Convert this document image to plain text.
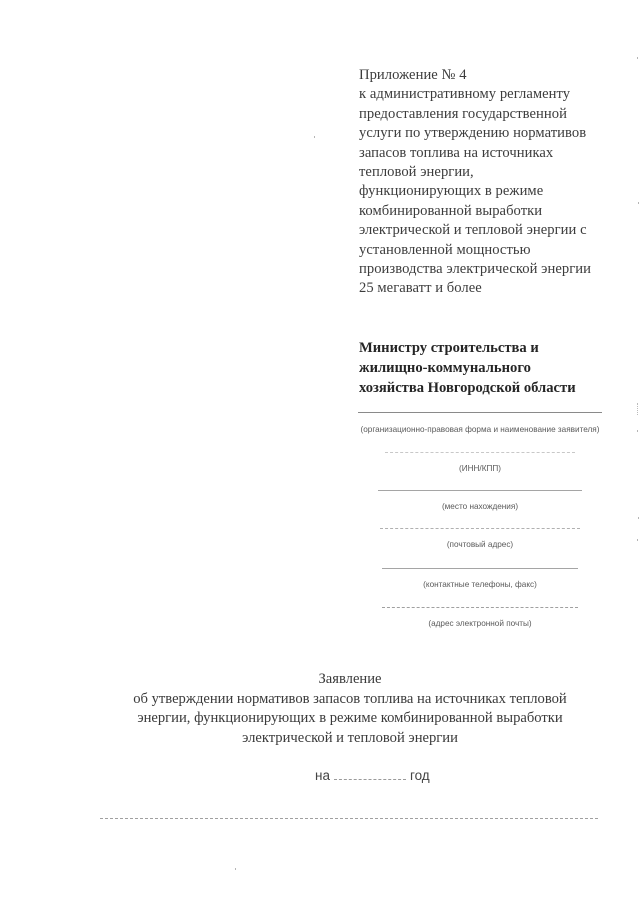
Приложение № 4
к административному регламенту
предоставления государственной
услуги по утверждению нормативов
запасов топлива на источниках
тепловой энергии,
функционирующих в режиме
комбинированной выработки
электрической и тепловой энергии с
установленной мощностью
производства электрической энергии
25 мегаватт и более
Министру строительства и
жилищно-коммунального
хозяйства Новгородской области
(организационно-правовая форма и наименование заявителя)
(ИНН/КПП)
(место нахождения)
(почтовый адрес)
(контактные телефоны, факс)
(адрес электронной почты)
Заявление
об утверждении нормативов запасов топлива на источниках тепловой
энергии, функционирующих в режиме комбинированной выработки
электрической и тепловой энергии
на	год
